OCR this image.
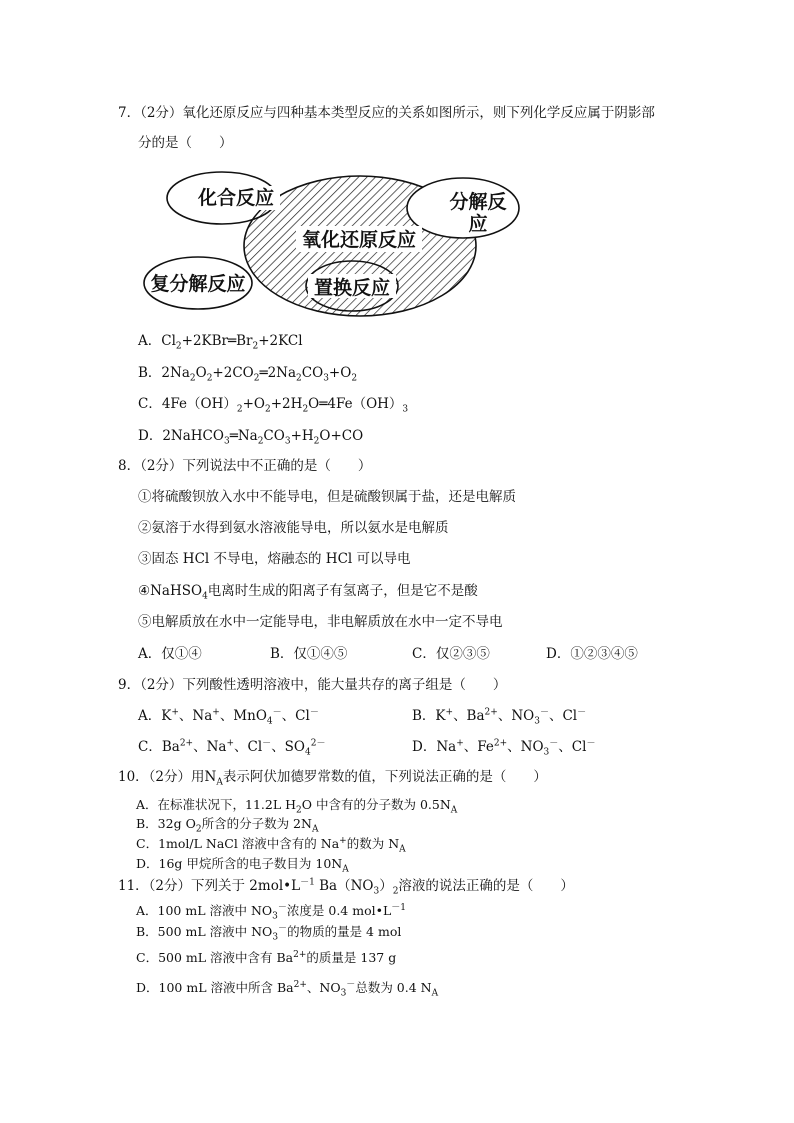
7．（2分）氧化还原反应与四种基本类型反应的关系如图所示，则下列化学反应属于阴影部
分的是（　　）
化合反应	分解反
应
氧化还原反应
复分解反应	置换反应
A．$Cl_2+2KBr═Br_2+2KCl$
B．$2Na_2O_2+2CO_2═2Na_2CO_3+O_2$
C．$4Fe(OH)_2+O_2+2H_2O═4Fe(OH)_3$
D．$2NaHCO_3═Na_2CO_3+H_2O+CO$
8．（2分）下列说法中不正确的是（　　）
①将硫酸钡放入水中不能导电，但是硫酸钡属于盐，还是电解质
②氨溶于水得到氨水溶液能导电，所以氨水是电解质
③固态 HCl 不导电，熔融态的 HCl 可以导电
④NaHSO$_4$电离时生成的阳离子有氢离子，但是它不是酸
⑤电解质放在水中一定能导电，非电解质放在水中一定不导电
A．仅①④	B．仅①④⑤	C．仅②③⑤	D．①②③④⑤
9．（2分）下列酸性透明溶液中，能大量共存的离子组是（　　）
A．K+、Na+、MnO$_4$－、Cl－	B．K+、$Ba^{2+}$、$NO_3^-$、Cl－
C．$Ba^{2+}$、Na+、Cl－、$SO_4^{2-}$	D．Na+、$Fe^{2+}$、$NO_3^-$、Cl－
10．（2分）用$N_A$表示阿伏加德罗常数的值，下列说法正确的是（　　）
A．在标准状况下，11.2L $H_2O$ 中含有的分子数为 $0.5N_A$
B．32g $O_2$所含的分子数为 $2N_A$
C．1mol/L NaCl 溶液中含有的 Na+的数为 $N_A$
D．16g 甲烷所含的电子数目为 $10N_A$
11．（2分）下列关于 $2mol•L^{-1}$ $Ba(NO_3)_2$溶液的说法正确的是（　　）
A．100 mL 溶液中 $NO_3^-$浓度是 0.4 $mol•L^{-1}$
B．500 mL 溶液中 $NO_3^-$的物质的量是 4 mol
C．500 mL 溶液中含有 $Ba^{2+}$的质量是 137 g
D．100 mL 溶液中所含 $Ba^{2+}$、$NO_3^-$总数为 0.4 $N_A$
